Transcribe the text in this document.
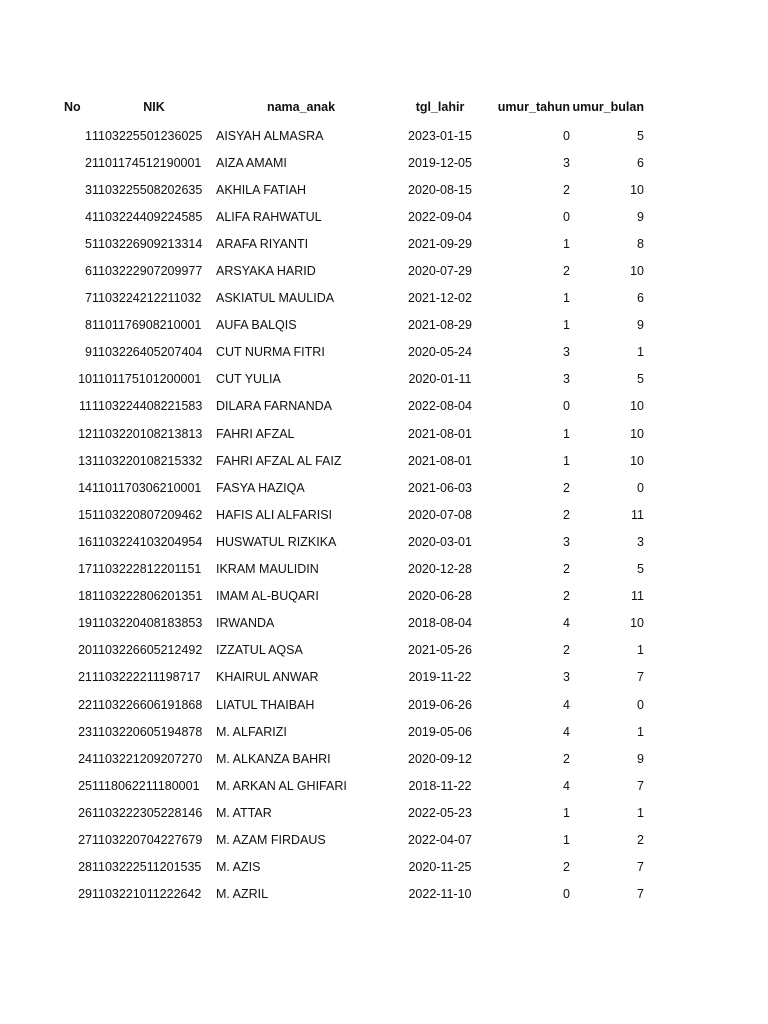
No	NIK	nama_anak	tgl_lahir	umur_tahun	umur_bulan
1	1103225501236025	AISYAH ALMASRA	2023-01-15	0	5
2	1101174512190001	AIZA AMAMI	2019-12-05	3	6
3	1103225508202635	AKHILA FATIAH	2020-08-15	2	10
4	1103224409224585	ALIFA RAHWATUL	2022-09-04	0	9
5	1103226909213314	ARAFA RIYANTI	2021-09-29	1	8
6	1103222907209977	ARSYAKA HARID	2020-07-29	2	10
7	1103224212211032	ASKIATUL MAULIDA	2021-12-02	1	6
8	1101176908210001	AUFA BALQIS	2021-08-29	1	9
9	1103226405207404	CUT NURMA FITRI	2020-05-24	3	1
10	1101175101200001	CUT YULIA	2020-01-11	3	5
11	1103224408221583	DILARA FARNANDA	2022-08-04	0	10
12	1103220108213813	FAHRI AFZAL	2021-08-01	1	10
13	1103220108215332	FAHRI AFZAL AL FAIZ	2021-08-01	1	10
14	1101170306210001	FASYA HAZIQA	2021-06-03	2	0
15	1103220807209462	HAFIS ALI ALFARISI	2020-07-08	2	11
16	1103224103204954	HUSWATUL RIZKIKA	2020-03-01	3	3
17	1103222812201151	IKRAM MAULIDIN	2020-12-28	2	5
18	1103222806201351	IMAM AL-BUQARI	2020-06-28	2	11
19	1103220408183853	IRWANDA	2018-08-04	4	10
20	1103226605212492	IZZATUL AQSA	2021-05-26	2	1
21	1103222211198717	KHAIRUL ANWAR	2019-11-22	3	7
22	1103226606191868	LIATUL THAIBAH	2019-06-26	4	0
23	1103220605194878	M. ALFARIZI	2019-05-06	4	1
24	1103221209207270	M. ALKANZA BAHRI	2020-09-12	2	9
25	1118062211180001	M. ARKAN AL GHIFARI	2018-11-22	4	7
26	1103222305228146	M. ATTAR	2022-05-23	1	1
27	1103220704227679	M. AZAM FIRDAUS	2022-04-07	1	2
28	1103222511201535	M. AZIS	2020-11-25	2	7
29	1103221011222642	M. AZRIL	2022-11-10	0	7
